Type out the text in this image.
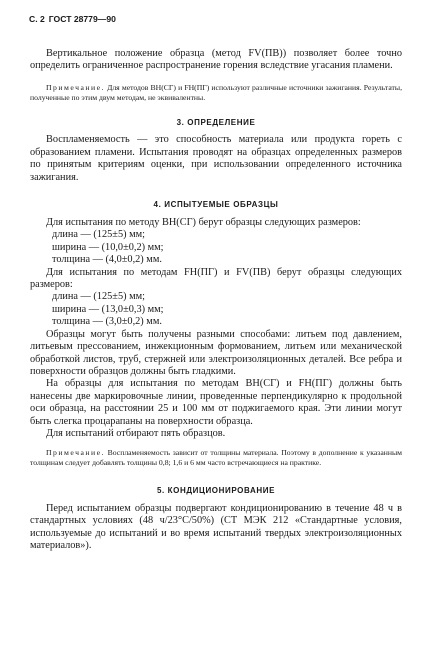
С. 2 ГОСТ 28779—90
Вертикальное положение образца (метод FV(ПВ)) позволяет более точно определить ограниченное распространение горения вследствие угасания пламени.
Примечание. Для методов ВН(СГ) и FH(ПГ) используют различные источники зажигания. Результаты, полученные по этим двум методам, не эквивалентны.
3. ОПРЕДЕЛЕНИЕ
Воспламеняемость — это способность материала или продукта гореть с образованием пламени. Испытания проводят на образцах определенных размеров по принятым критериям оценки, при использовании определенного источника зажигания.
4. ИСПЫТУЕМЫЕ ОБРАЗЦЫ
Для испытания по методу ВН(СГ) берут образцы следующих размеров:
длина — (125±5) мм;
ширина — (10,0±0,2) мм;
толщина — (4,0±0,2) мм.
Для испытания по методам FH(ПГ) и FV(ПВ) берут образцы следующих размеров:
длина — (125±5) мм;
ширина — (13,0±0,3) мм;
толщина — (3,0±0,2) мм.
Образцы могут быть получены разными способами: литьем под давлением, литьевым прессованием, инжекционным формованием, литьем или механической обработкой листов, труб, стержней или электроизоляционных деталей. Все ребра и поверхности образцов должны быть гладкими.
На образцы для испытания по методам ВН(СГ) и FH(ПГ) должны быть нанесены две маркировочные линии, проведенные перпендикулярно к продольной оси образца, на расстоянии 25 и 100 мм от поджигаемого края. Эти линии могут быть слегка процарапаны на поверхности образца.
Для испытаний отбирают пять образцов.
Примечание. Воспламеняемость зависит от толщины материала. Поэтому в дополнение к указанным толщинам следует добавлять толщины 0,8; 1,6 и 6 мм часто встречающиеся на практике.
5. КОНДИЦИОНИРОВАНИЕ
Перед испытанием образцы подвергают кондиционированию в течение 48 ч в стандартных условиях (48 ч/23°C/50%) (СТ МЭК 212 «Стандартные условия, используемые до испытаний и во время испытаний твердых электроизоляционных материалов»).
